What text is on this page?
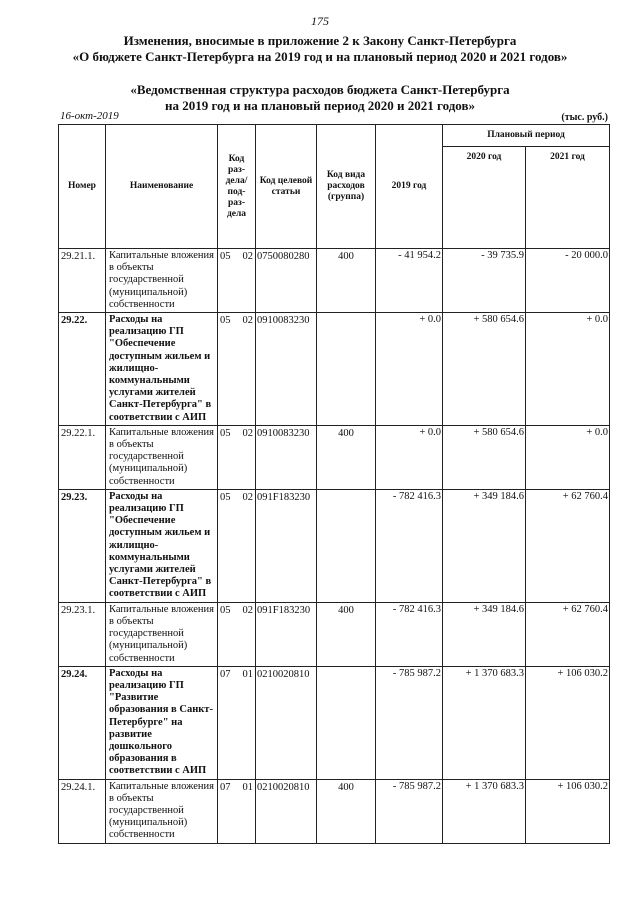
175
Изменения, вносимые в приложение 2 к Закону Санкт-Петербурга
«О бюджете Санкт-Петербурга на 2019 год и на плановый период 2020 и 2021 годов»
«Ведомственная структура расходов бюджета Санкт-Петербурга
на 2019 год и на плановый период 2020 и 2021 годов»
16-окт-2019	(тыс. руб.)
Номер	Наименование	Код раз-дела/ под-раз-дела		Код целевой статьи	Код вида расходов (группа)	2019 год	Плановый период	
							2020 год	2021 год
29.21.1.	Капитальные вложения в объекты государственной (муниципальной) собственности	05	02	0750080280	400	- 41 954.2	- 39 735.9	- 20 000.0
29.22.	Расходы на реализацию ГП "Обеспечение доступным жильем и жилищно-коммунальными услугами жителей Санкт-Петербурга" в соответствии с АИП	05	02	0910083230		+ 0.0	+ 580 654.6	+ 0.0
29.22.1.	Капитальные вложения в объекты государственной (муниципальной) собственности	05	02	0910083230	400	+ 0.0	+ 580 654.6	+ 0.0
29.23.	Расходы на реализацию ГП "Обеспечение доступным жильем и жилищно-коммунальными услугами жителей Санкт-Петербурга" в соответствии с АИП	05	02	091F183230		- 782 416.3	+ 349 184.6	+ 62 760.4
29.23.1.	Капитальные вложения в объекты государственной (муниципальной) собственности	05	02	091F183230	400	- 782 416.3	+ 349 184.6	+ 62 760.4
29.24.	Расходы на реализацию ГП "Развитие образования в Санкт-Петербурге" на развитие дошкольного образования в соответствии с АИП	07	01	0210020810		- 785 987.2	+ 1 370 683.3	+ 106 030.2
29.24.1.	Капитальные вложения в объекты государственной (муниципальной) собственности	07	01	0210020810	400	- 785 987.2	+ 1 370 683.3	+ 106 030.2
